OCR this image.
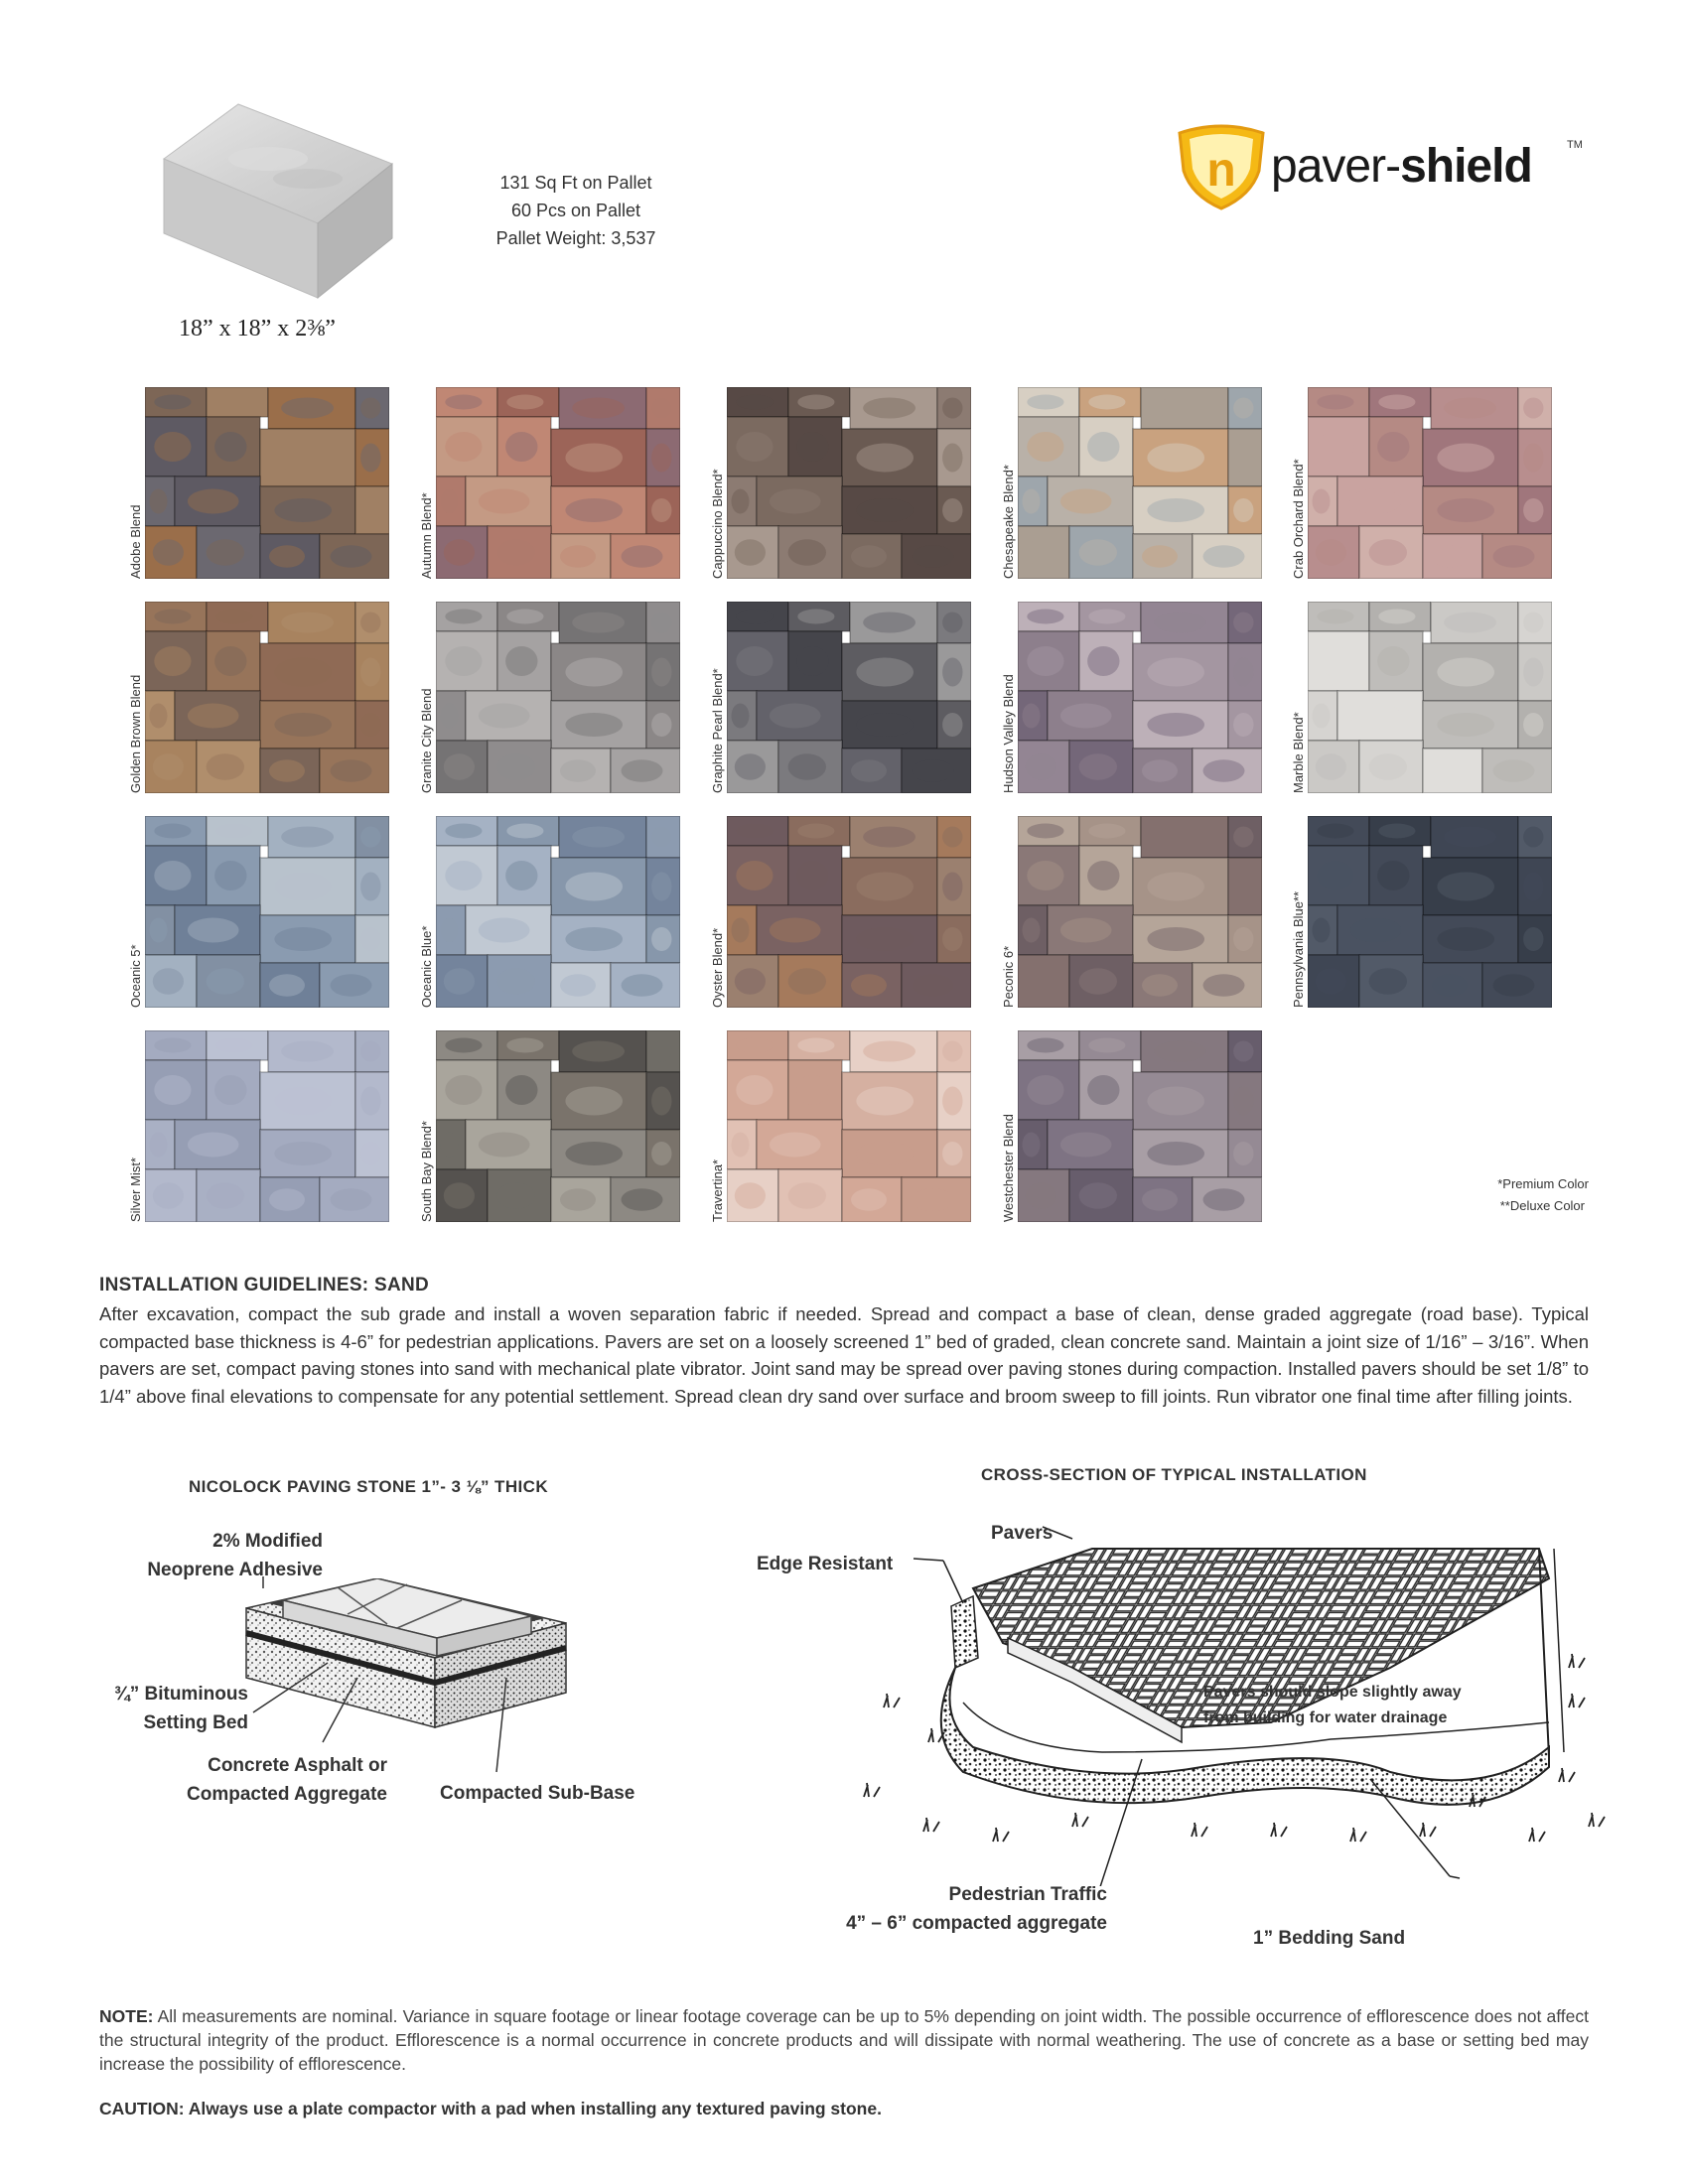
18” x 18” x 2⅜”
131 Sq Ft on Pallet
60 Pcs on Pallet
Pallet Weight: 3,537
n paver-shield	TM
Adobe Blend	Autumn Blend*	Cappuccino Blend*	Chesapeake Blend*	Crab Orchard Blend*
Golden Brown Blend	Granite City Blend	Graphite Pearl Blend*	Hudson Valley Blend	Marble Blend*
Oceanic 5*	Oceanic Blue*	Oyster Blend*	Peconic 6*	Pennsylvania Blue**
Silver Mist*	South Bay Blend*	Travertina*	Westchester Blend	*Premium Color
**Deluxe Color
INSTALLATION GUIDELINES: SAND
After excavation, compact the sub grade and install a woven separation fabric if needed. Spread and compact a base of clean, dense graded aggregate (road base). Typical compacted base thickness is 4-6” for pedestrian applications. Pavers are set on a loosely screened 1” bed of graded, clean concrete sand. Maintain a joint size of 1/16” – 3/16”. When pavers are set, compact paving stones into sand with mechanical plate vibrator. Joint sand may be spread over paving stones during compaction. Installed pavers should be set 1/8” to 1/4” above final elevations to compensate for any potential settlement. Spread clean dry sand over surface and broom sweep to fill joints. Run vibrator one final time after filling joints.
NICOLOCK PAVING STONE 1”- 3 ⅛” THICK
2% Modified
Neoprene Adhesive
¾” Bituminous
Setting Bed
Concrete Asphalt or
Compacted Aggregate	Compacted Sub-Base
CROSS-SECTION OF TYPICAL INSTALLATION
Pavers
Edge Resistant
Pavers should slope slightly away
from building for water drainage
Pedestrian Traffic
4” – 6” compacted aggregate
1” Bedding Sand
NOTE: All measurements are nominal. Variance in square footage or linear footage coverage can be up to 5% depending on joint width. The possible occurrence of efflorescence does not affect the structural integrity of the product. Efflorescence is a normal occurrence in concrete products and will dissipate with normal weathering. The use of concrete as a base or setting bed may increase the possibility of efflorescence.
CAUTION: Always use a plate compactor with a pad when installing any textured paving stone.
